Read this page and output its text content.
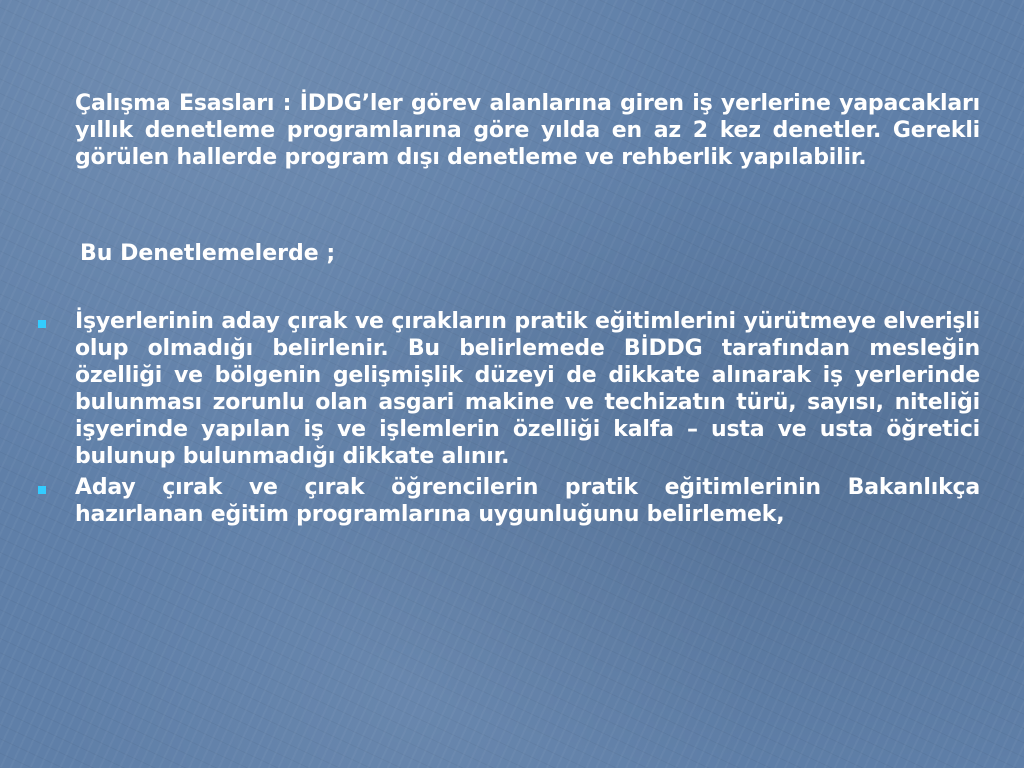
Çalışma Esasları : İDDG’ler görev alanlarına giren iş yerlerine yapacakları yıllık denetleme programlarına göre yılda en az 2 kez denetler. Gerekli görülen hallerde program dışı denetleme ve rehberlik yapılabilir.
Bu Denetlemelerde ;
İşyerlerinin aday çırak ve çırakların pratik eğitimlerini yürütmeye elverişli olup olmadığı belirlenir. Bu belirlemede BİDDG tarafından mesleğin özelliği ve bölgenin gelişmişlik düzeyi de dikkate alınarak iş yerlerinde bulunması zorunlu olan asgari makine ve techizatın türü, sayısı, niteliği işyerinde yapılan iş ve işlemlerin özelliği kalfa – usta ve usta öğretici bulunup bulunmadığı dikkate alınır.
Aday çırak ve çırak öğrencilerin pratik eğitimlerinin Bakanlıkça hazırlanan eğitim programlarına uygunluğunu belirlemek,
